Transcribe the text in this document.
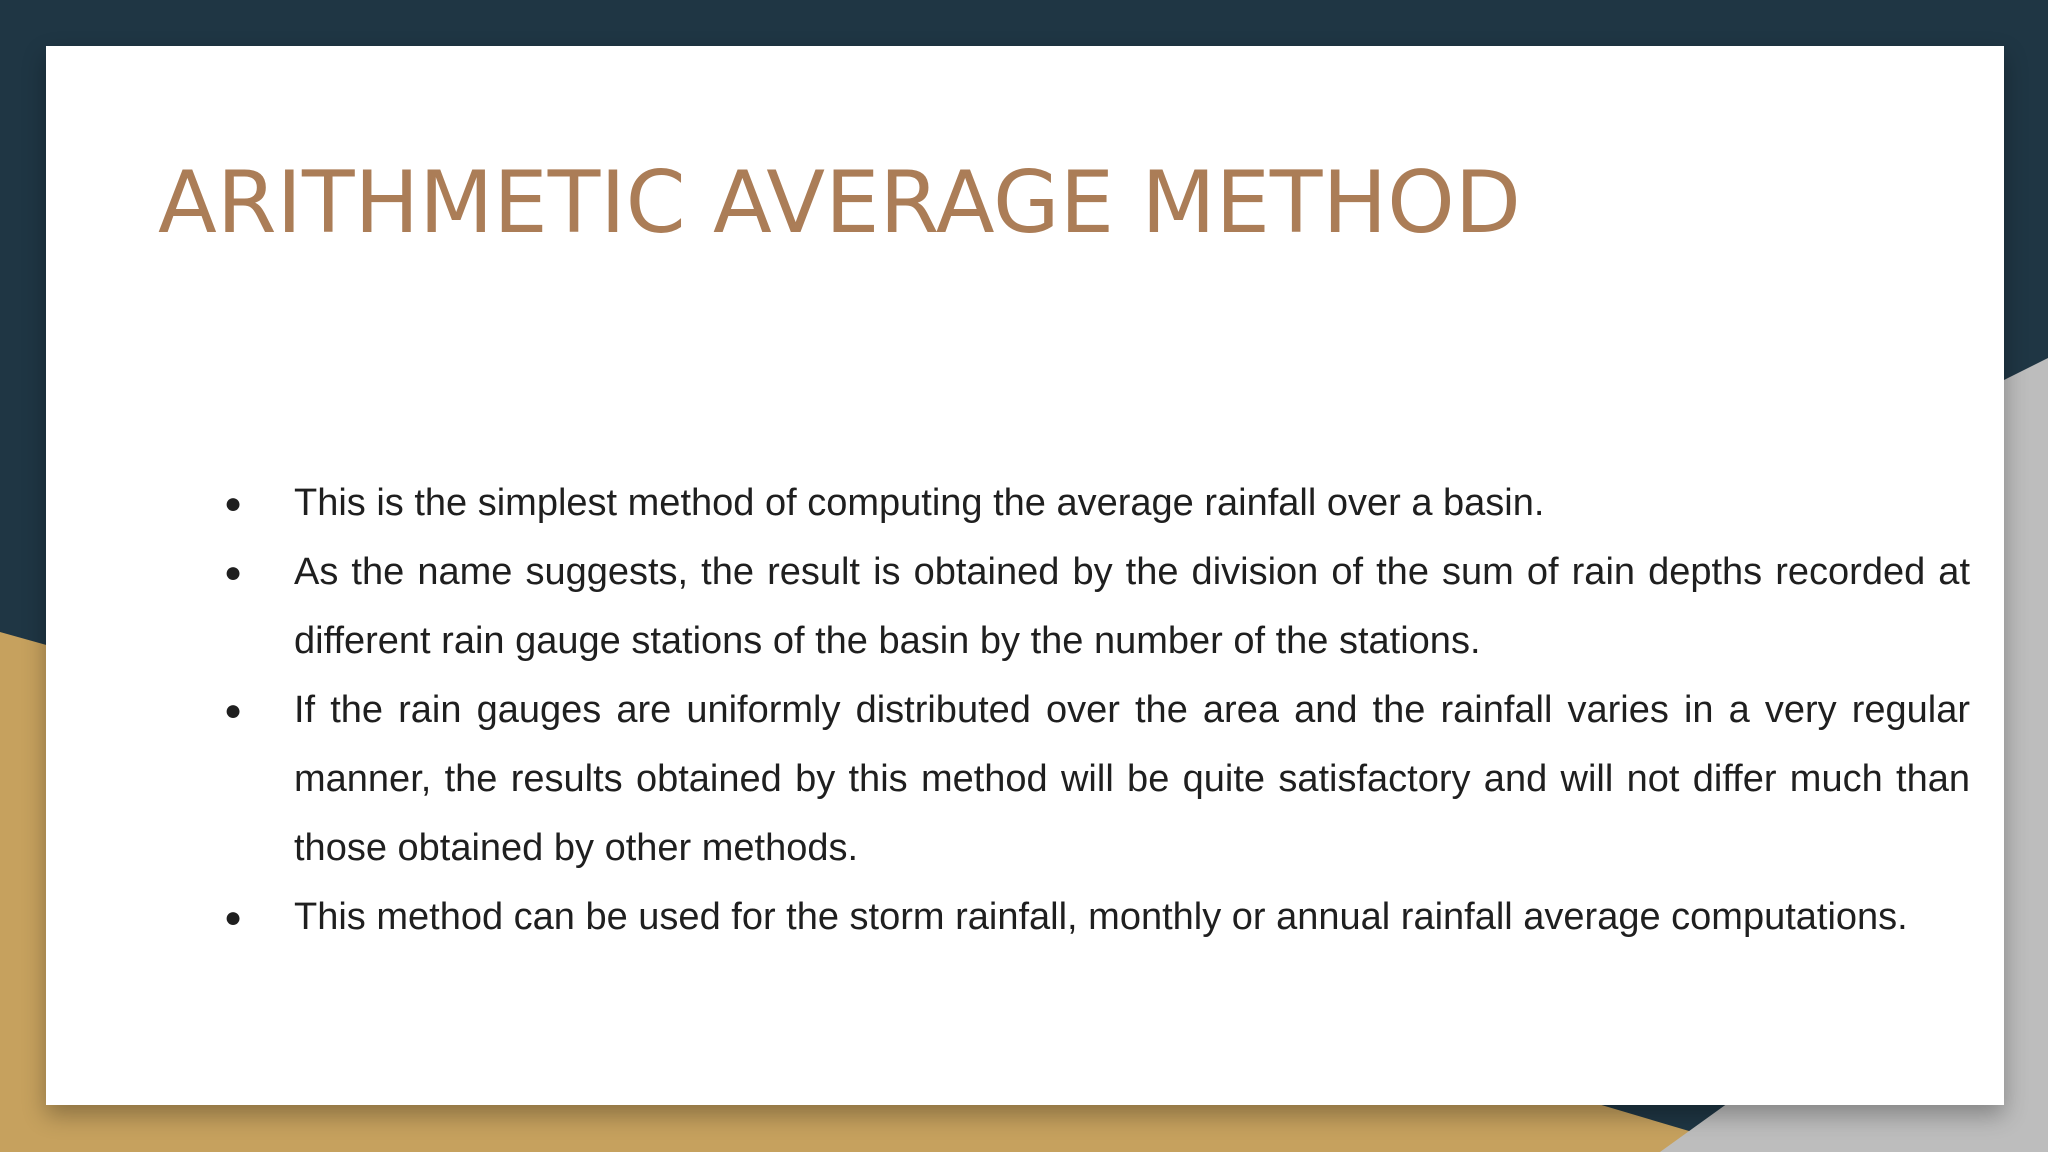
ARITHMETIC AVERAGE METHOD
● This is the simplest method of computing the average rainfall over a basin.
● As the name suggests, the result is obtained by the division of the sum of rain depths recorded at different rain gauge stations of the basin by the number of the stations.
● If the rain gauges are uniformly distributed over the area and the rainfall varies in a very regular manner, the results obtained by this method will be quite satisfactory and will not differ much than those obtained by other methods.
● This method can be used for the storm rainfall, monthly or annual rainfall average computations.
